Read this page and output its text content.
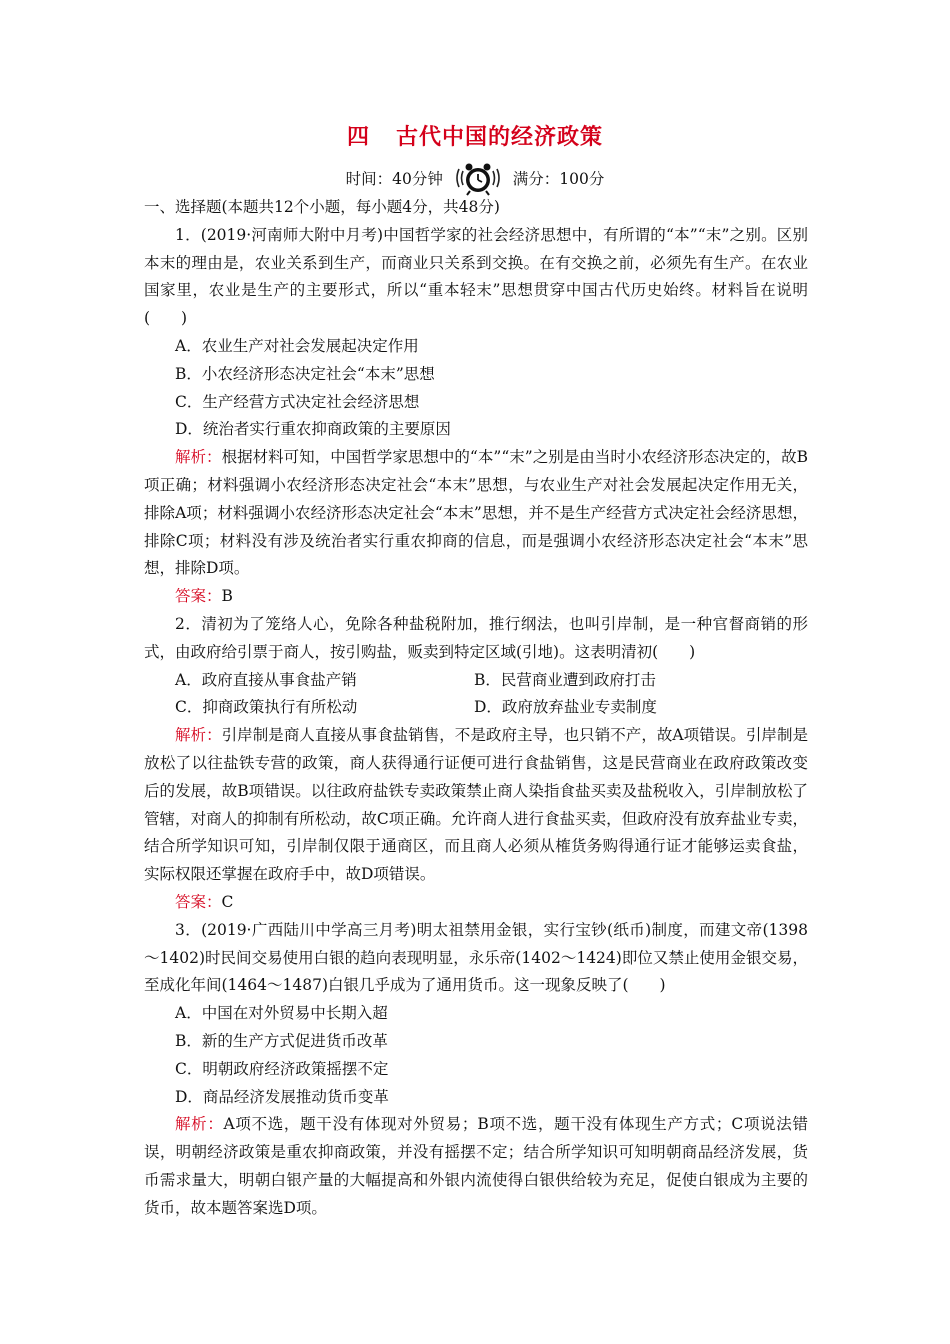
四 古代中国的经济政策
时间：40分钟	满分：100分

一、选择题(本题共12个小题，每小题4分，共48分)

1．(2019·河南师大附中月考)中国哲学家的社会经济思想中，有所谓的“本”“末”之别。区别本末的理由是，农业关系到生产，而商业只关系到交换。在有交换之前，必须先有生产。在农业国家里，农业是生产的主要形式，所以“重本轻末”思想贯穿中国古代历史始终。材料旨在说明(　　)

A．农业生产对社会发展起决定作用

B．小农经济形态决定社会“本末”思想

C．生产经营方式决定社会经济思想

D．统治者实行重农抑商政策的主要原因

解析：根据材料可知，中国哲学家思想中的“本”“末”之别是由当时小农经济形态决定的，故B项正确；材料强调小农经济形态决定社会“本末”思想，与农业生产对社会发展起决定作用无关，排除A项；材料强调小农经济形态决定社会“本末”思想，并不是生产经营方式决定社会经济思想，排除C项；材料没有涉及统治者实行重农抑商的信息，而是强调小农经济形态决定社会“本末”思想，排除D项。

答案：B

2．清初为了笼络人心，免除各种盐税附加，推行纲法，也叫引岸制，是一种官督商销的形式，由政府给引票于商人，按引购盐，贩卖到特定区域(引地)。这表明清初(　　)

A．政府直接从事食盐产销	B．民营商业遭到政府打击

C．抑商政策执行有所松动	D．政府放弃盐业专卖制度

解析：引岸制是商人直接从事食盐销售，不是政府主导，也只销不产，故A项错误。引岸制是放松了以往盐铁专营的政策，商人获得通行证便可进行食盐销售，这是民营商业在政府政策改变后的发展，故B项错误。以往政府盐铁专卖政策禁止商人染指食盐买卖及盐税收入，引岸制放松了管辖，对商人的抑制有所松动，故C项正确。允许商人进行食盐买卖，但政府没有放弃盐业专卖，结合所学知识可知，引岸制仅限于通商区，而且商人必须从榷货务购得通行证才能够运卖食盐，实际权限还掌握在政府手中，故D项错误。

答案：C

3．(2019·广西陆川中学高三月考)明太祖禁用金银，实行宝钞(纸币)制度，而建文帝(1398～1402)时民间交易使用白银的趋向表现明显，永乐帝(1402～1424)即位又禁止使用金银交易，至成化年间(1464～1487)白银几乎成为了通用货币。这一现象反映了(　　)

A．中国在对外贸易中长期入超

B．新的生产方式促进货币改革

C．明朝政府经济政策摇摆不定

D．商品经济发展推动货币变革

解析：A项不选，题干没有体现对外贸易；B项不选，题干没有体现生产方式；C项说法错误，明朝经济政策是重农抑商政策，并没有摇摆不定；结合所学知识可知明朝商品经济发展，货币需求量大，明朝白银产量的大幅提高和外银内流使得白银供给较为充足，促使白银成为主要的货币，故本题答案选D项。
